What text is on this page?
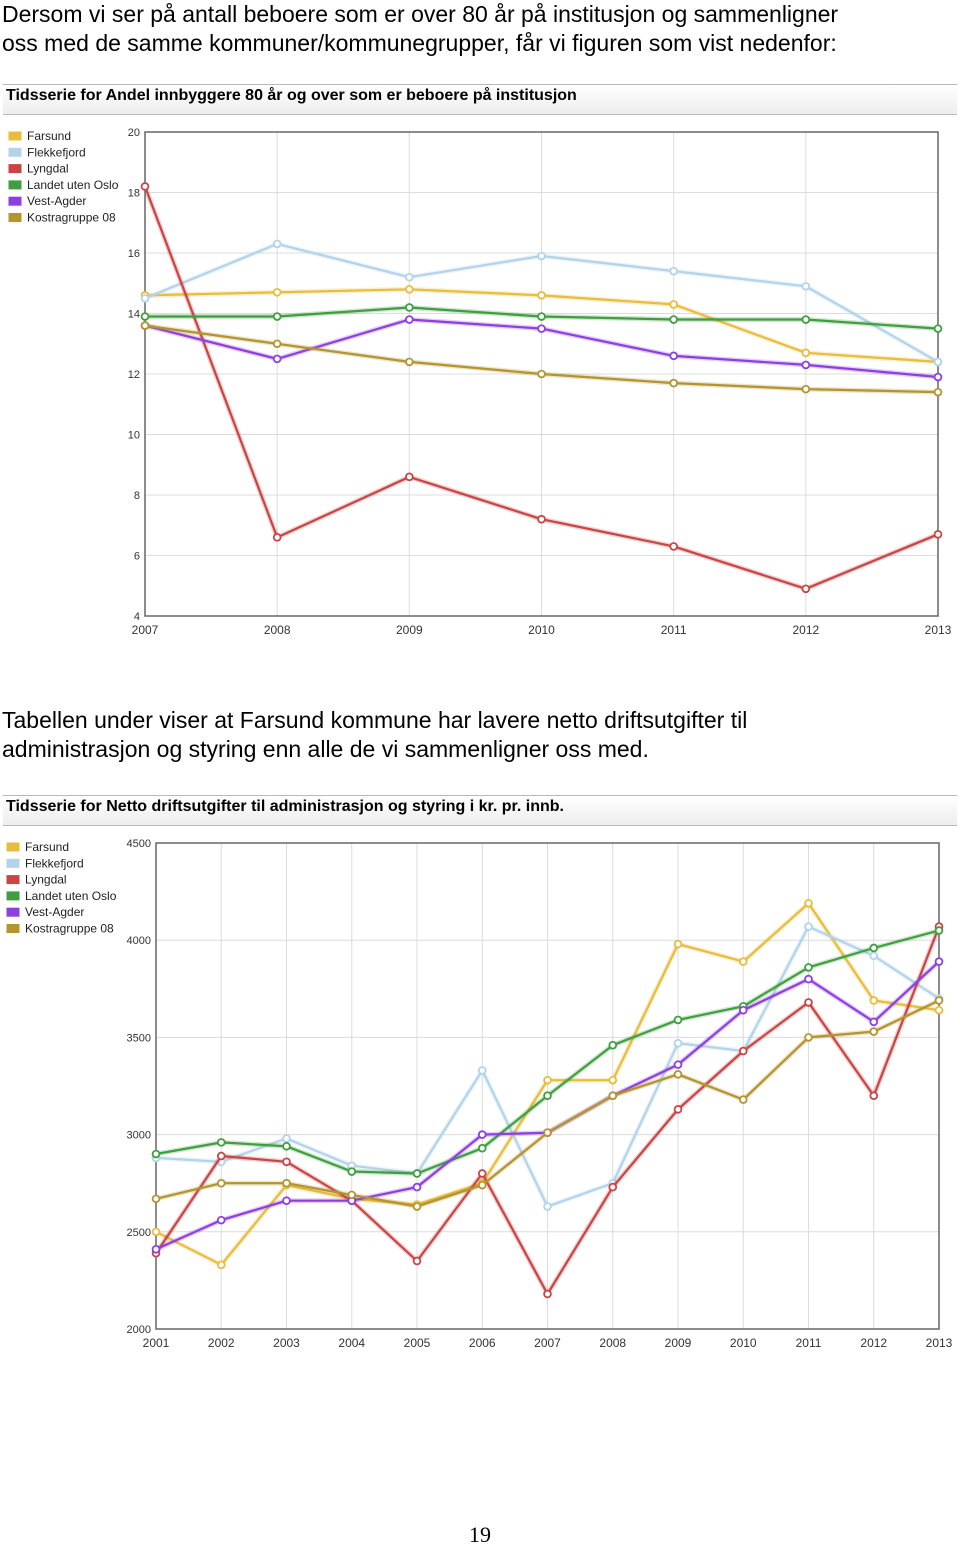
Dersom vi ser på antall beboere som er over 80 år på institusjon og sammenligner
oss med de samme kommuner/kommunegrupper, får vi figuren som vist nedenfor:
Tidsserie for Andel innbyggere 80 år og over som er beboere på institusjon
4
6
8
10
12
14
16
18
20
2007	2008	2009	2010	2011	2012	2013
Farsund
Flekkefjord
Lyngdal
Landet uten Oslo
Vest-Agder
Kostragruppe 08
Tabellen under viser at Farsund kommune har lavere netto driftsutgifter til
administrasjon og styring enn alle de vi sammenligner oss med.
Tidsserie for Netto driftsutgifter til administrasjon og styring i kr. pr. innb.
2000
2500
3000
3500
4000
4500
2001	2002	2003	2004	2005	2006	2007	2008	2009	2010	2011	2012	2013
Farsund
Flekkefjord
Lyngdal
Landet uten Oslo
Vest-Agder
Kostragruppe 08
19
